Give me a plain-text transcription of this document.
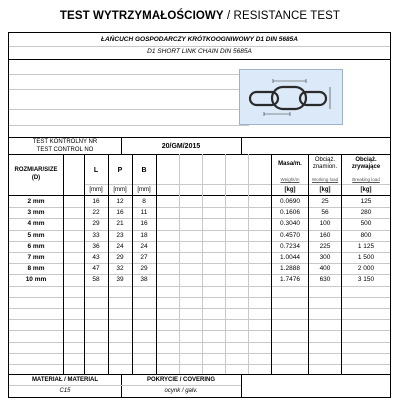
TEST WYTRZYMAŁOŚCIOWY / RESISTANCE TEST
ŁAŃCUCH GOSPODARCZY KRÓTKOOGNIWOWY D1 DIN 5685A
D1 SHORT LINK CHAIN DIN 5685A
TEST KONTROLNY NR
TEST CONTROL NO	20/GM/2015
ROZMIAR/SIZE
(D)
L	P	B
[mm]	[mm]	[mm]
Masa/m.
Weight/m
[kg]
Obciąż.
znamion.
Working load
[kg]
Obciąż.
zrywające
Breaking load
[kg]
2 mm	16	12	8	0.0690	25	125
3 mm	22	16	11	0.1606	56	280
4 mm	29	21	16	0.3040	100	500
5 mm	33	23	18	0.4570	160	800
6 mm	36	24	24	0.7234	225	1 125
7 mm	43	29	27	1.0044	300	1 500
8 mm	47	32	29	1.2888	400	2 000
10 mm	58	39	38	1.7476	630	3 150
MATERIAŁ / MATERIAL
C15
POKRYCIE / COVERING
ocynk / galv.
